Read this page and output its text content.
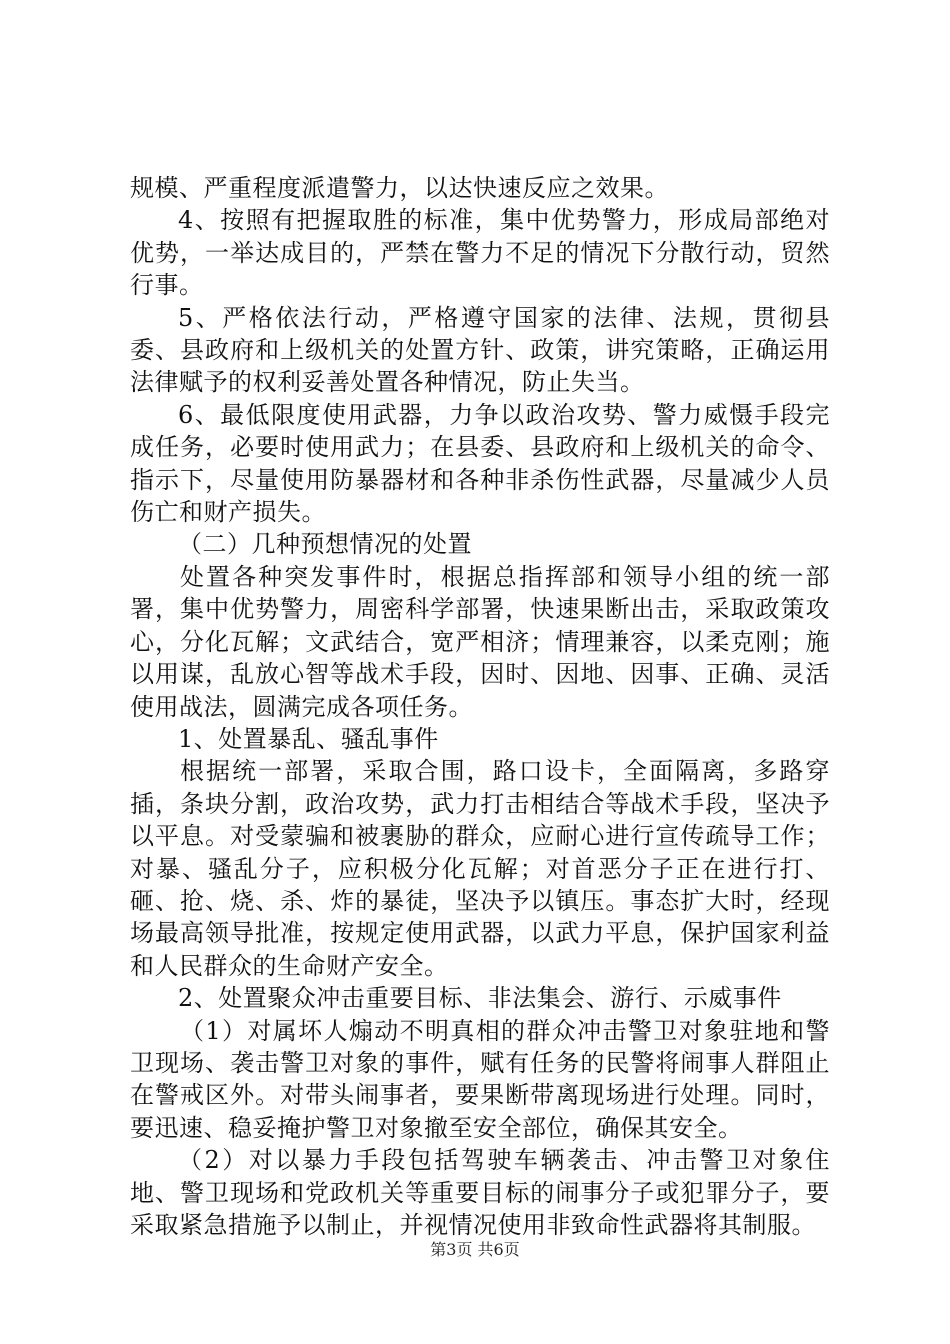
规模、严重程度派遣警力，以达快速反应之效果。

4、按照有把握取胜的标准，集中优势警力，形成局部绝对优势，一举达成目的，严禁在警力不足的情况下分散行动，贸然行事。

5、严格依法行动，严格遵守国家的法律、法规，贯彻县委、县政府和上级机关的处置方针、政策，讲究策略，正确运用法律赋予的权利妥善处置各种情况，防止失当。

6、最低限度使用武器，力争以政治攻势、警力威慑手段完成任务，必要时使用武力；在县委、县政府和上级机关的命令、指示下，尽量使用防暴器材和各种非杀伤性武器，尽量减少人员伤亡和财产损失。

（二）几种预想情况的处置

处置各种突发事件时，根据总指挥部和领导小组的统一部署，集中优势警力，周密科学部署，快速果断出击，采取政策攻心，分化瓦解；文武结合，宽严相济；情理兼容，以柔克刚；施以用谋，乱放心智等战术手段，因时、因地、因事、正确、灵活使用战法，圆满完成各项任务。

1、处置暴乱、骚乱事件

根据统一部署，采取合围，路口设卡，全面隔离，多路穿插，条块分割，政治攻势，武力打击相结合等战术手段，坚决予以平息。对受蒙骗和被裹胁的群众，应耐心进行宣传疏导工作；对暴、骚乱分子，应积极分化瓦解；对首恶分子正在进行打、砸、抢、烧、杀、炸的暴徒，坚决予以镇压。事态扩大时，经现场最高领导批准，按规定使用武器，以武力平息，保护国家利益和人民群众的生命财产安全。

2、处置聚众冲击重要目标、非法集会、游行、示威事件

（1）对属坏人煽动不明真相的群众冲击警卫对象驻地和警卫现场、袭击警卫对象的事件，赋有任务的民警将闹事人群阻止在警戒区外。对带头闹事者，要果断带离现场进行处理。同时，要迅速、稳妥掩护警卫对象撤至安全部位，确保其安全。

（2）对以暴力手段包括驾驶车辆袭击、冲击警卫对象住地、警卫现场和党政机关等重要目标的闹事分子或犯罪分子，要采取紧急措施予以制止，并视情况使用非致命性武器将其制服。

第3页 共6页
